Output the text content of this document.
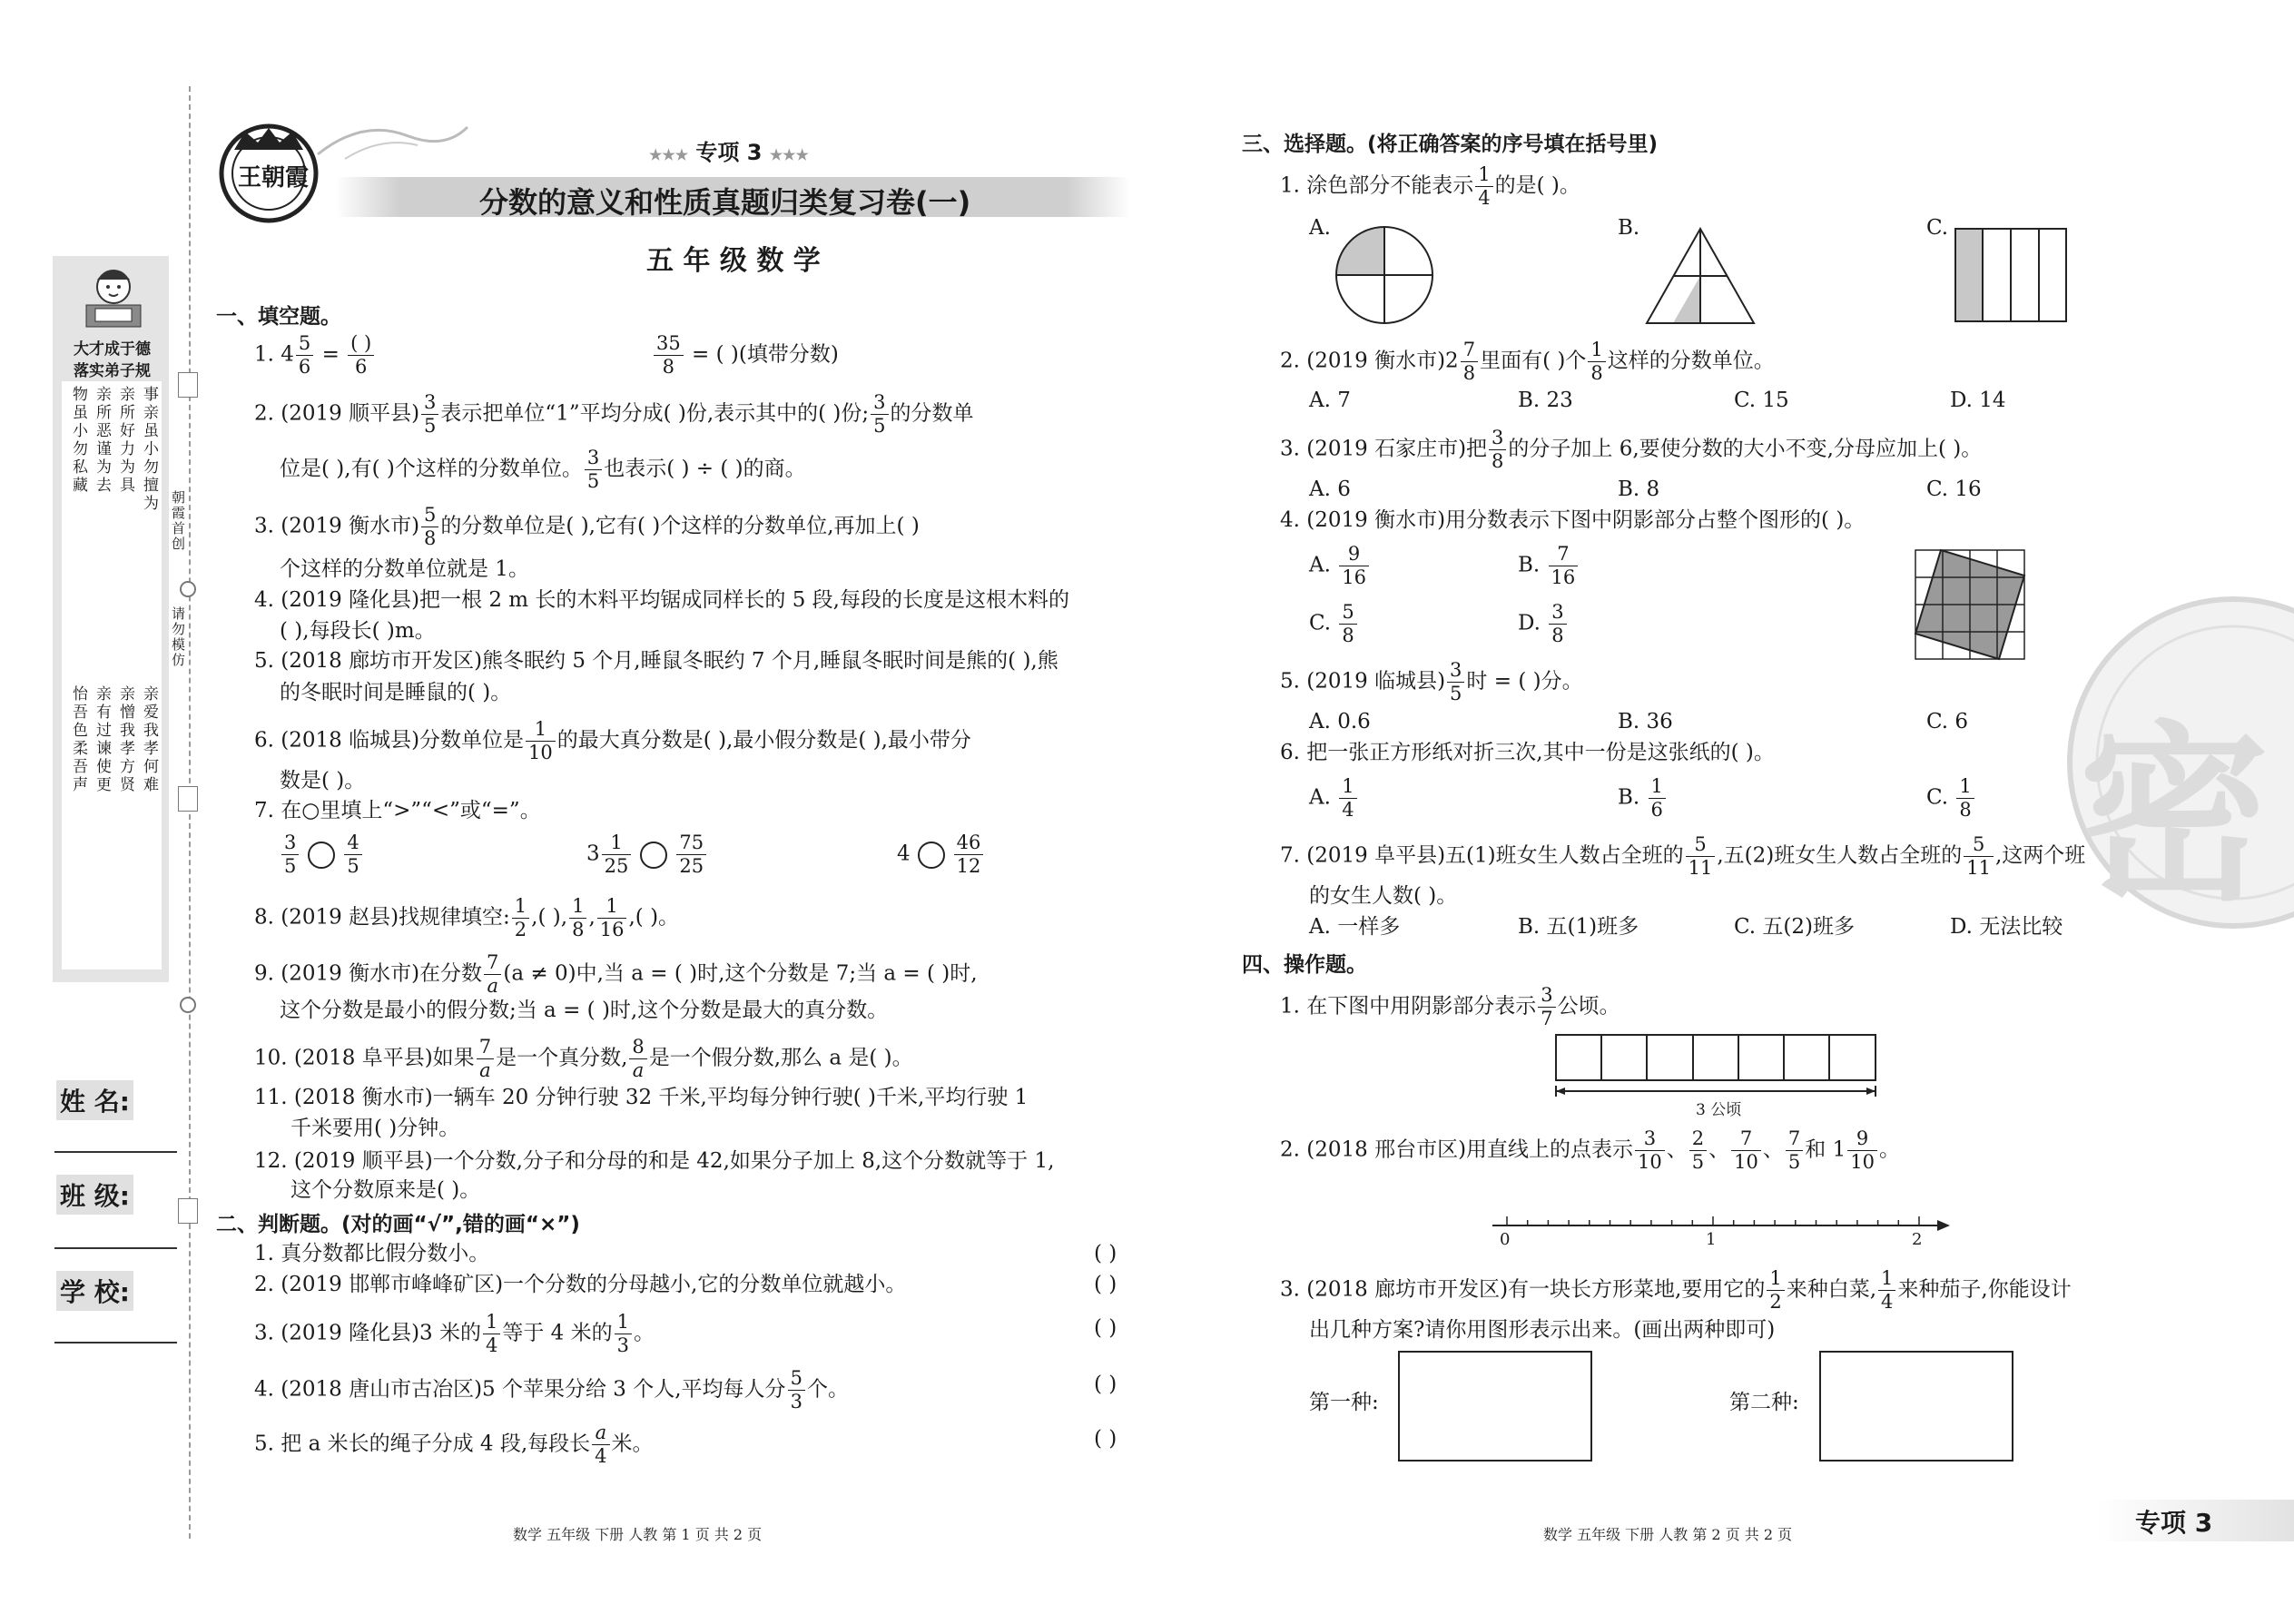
大才成于德
落实弟子规
事亲虽小勿擅为
亲所好力为具
亲所恶谨为去
物虽小勿私藏
亲爱我孝何难
亲憎我孝方贤
亲有过谏使更
怡吾色柔吾声
朝霞首创
请勿模仿
姓 名:
班 级:
学 校:
王朝霞
★★★ 专项 3 ★★★
分数的意义和性质真题归类复习卷(一)
五 年 级 数 学
一、填空题。
1. $4 \frac{5}{6}$ = ( )
6	$\frac{35}{8}$ = ( )(填带分数)
2. (2019 顺平县) $\frac{3}{5}$ 表示把单位“1”平均分成( )份,表示其中的( )份; $\frac{3}{5}$ 的分数单
位是( ),有( )个这样的分数单位。 $\frac{3}{5}$ 也表示( ) ÷ ( )的商。
3. (2019 衡水市) $\frac{5}{8}$ 的分数单位是( ),它有( )个这样的分数单位,再加上( )
个这样的分数单位就是 1。
4. (2019 隆化县)把一根 2 m 长的木料平均锯成同样长的 5 段,每段的长度是这根木料的
( ),每段长( )m。
5. (2018 廊坊市开发区)熊冬眠约 5 个月,睡鼠冬眠约 7 个月,睡鼠冬眠时间是熊的( ),熊
的冬眠时间是睡鼠的( )。
6. (2018 临城县)分数单位是 $\frac{1}{10}$ 的最大真分数是( ),最小假分数是( ),最小带分
数是( )。
7. 在○里填上“>”“<”或“=”。
$\frac{3}{5} \frac{4}{5}$	$3 \frac{1}{25} \frac{75}{25}$	$4 \frac{46}{12}$
8. (2019 赵县)找规律填空: $\frac{1}{2}$ ,( ), $\frac{1}{8}$ , $\frac{1}{16}$ ,( )。
9. (2019 衡水市)在分数 $\frac{7}{a} (a \ne 0)$中,当 a = ( )时,这个分数是 7;当 a = ( )时,
这个分数是最小的假分数;当 a = ( )时,这个分数是最大的真分数。
10. (2018 阜平县)如果 $\frac{7}{a}$ 是一个真分数, $\frac{8}{a}$ 是一个假分数,那么 a 是( )。
11. (2018 衡水市)一辆车 20 分钟行驶 32 千米,平均每分钟行驶( )千米,平均行驶 1
千米要用( )分钟。
12. (2019 顺平县)一个分数,分子和分母的和是 42,如果分子加上 8,这个分数就等于 1,
这个分数原来是( )。
二、判断题。(对的画“√”,错的画“×”)
1. 真分数都比假分数小。	( )
2. (2019 邯郸市峰峰矿区)一个分数的分母越小,它的分数单位就越小。	( )
3. (2019 隆化县)3 米的 $\frac{1}{4}$ 等于 4 米的 $\frac{1}{3}$ 。	( )
4. (2018 唐山市古冶区)5 个苹果分给 3 个人,平均每人分 $\frac{5}{3}$ 个。	( )
5. 把 a 米长的绳子分成 4 段,每段长 $\frac{a}{4}$ 米。	( )
数学 五年级 下册 人教 第 1 页 共 2 页
三、选择题。(将正确答案的序号填在括号里)
1. 涂色部分不能表示 $\frac{1}{4}$ 的是( )。
A.	B.	C.
2. (2019 衡水市)$2 \frac{7}{8}$ 里面有( )个 $\frac{1}{8}$ 这样的分数单位。
A. 7	B. 23	C. 15	D. 14
3. (2019 石家庄市)把 $\frac{3}{8}$ 的分子加上 6,要使分数的大小不变,分母应加上( )。
A. 6	B. 8	C. 16
4. (2019 衡水市)用分数表示下图中阴影部分占整个图形的( )。
A. $\frac{9}{16}$	B. $\frac{7}{16}$
C. $\frac{5}{8}$	D. $\frac{3}{8}$
5. (2019 临城县) $\frac{3}{5}$ 时 = ( )分。
A. 0.6	B. 36	C. 6
6. 把一张正方形纸对折三次,其中一份是这张纸的( )。
A. $\frac{1}{4}$	B. $\frac{1}{6}$	C. $\frac{1}{8}$
7. (2019 阜平县)五(1)班女生人数占全班的 $\frac{5}{11}$ ,五(2)班女生人数占全班的 $\frac{5}{11}$ ,这两个班
的女生人数( )。
A. 一样多	B. 五(1)班多	C. 五(2)班多	D. 无法比较
四、操作题。
1. 在下图中用阴影部分表示 $\frac{3}{7}$ 公顷。
3 公顷
2. (2018 邢台市区)用直线上的点表示 $\frac{3}{10}$ 、 $\frac{2}{5}$ 、 $\frac{7}{10}$ 、 $\frac{7}{5}$ 和 $1 \frac{9}{10}$ 。
0	1	2
3. (2018 廊坊市开发区)有一块长方形菜地,要用它的 $\frac{1}{2}$ 来种白菜, $\frac{1}{4}$ 来种茄子,你能设计
出几种方案?请你用图形表示出来。(画出两种即可)
第一种:	第二种:
密
数学 五年级 下册 人教 第 2 页 共 2 页	专项 3
